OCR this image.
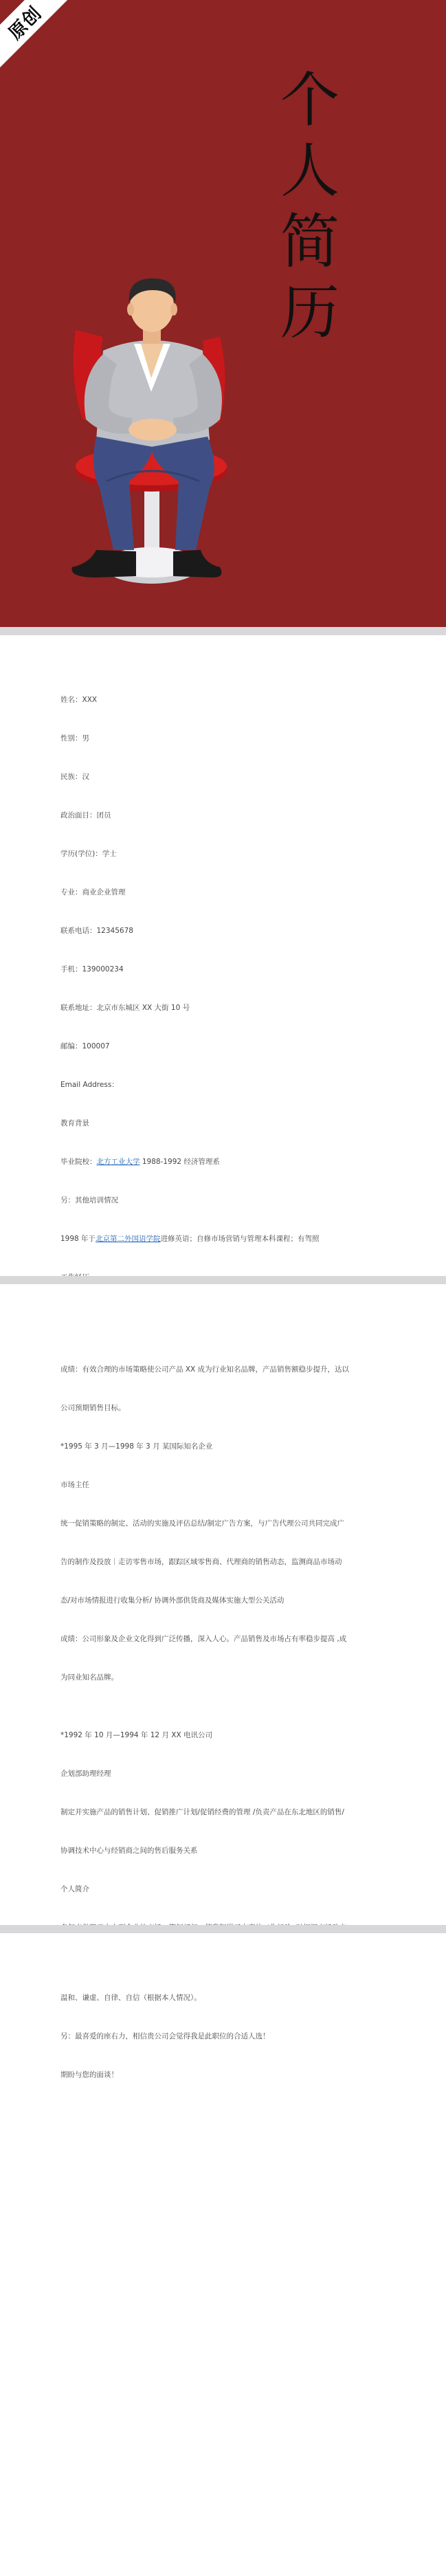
原创
个
人
简
历

姓名：XXX

性别：男

民族：汉

政治面目：团员

学历(学位)：学士

专业：商业企业管理

联系电话：12345678

手机：139000234

联系地址：北京市东城区 XX 大街 10 号

邮编：100007

Email Address：

教育背景

毕业院校：北方工业大学 1988-1992 经济管理系

另：其他培训情况

1998 年于北京第二外国语学院进修英语；自修市场营销与管理本科课程；有驾照

成绩：有效合理的市场策略使公司产品 XX 成为行业知名品牌，产品销售额稳步提升，达以

公司预期销售目标。

*1995 年 3 月—1998 年 3 月 某国际知名企业

市场主任

统一促销策略的制定、活动的实施及评估总结/制定广告方案，与广告代理公司共同完成广

告的制作及投放｜走访零售市场，跟踪区域零售商、代理商的销售动态，监测商品市场动

态/对市场情报进行收集分析/ 协调外部供货商及媒体实施大型公关活动

成绩：公司形象及企业文化得到广泛传播，深入人心。产品销售及市场占有率稳步提高 ,成

为同业知名品牌。

*1992 年 10 月—1994 年 12 月 XX 电讯公司

企划部助理经理

制定并实施产品的销售计划、促销推广计划/促销经费的管理 /负责产品在东北地区的销售/

协调技术中心与经销商之间的售后服务关系

个人简介

温和、谦虚、自律、自信（根据本人情况）。

另：最喜爱的座右力，相信贵公司会觉得我是此职位的合适人选！

期盼与您的面谈！
